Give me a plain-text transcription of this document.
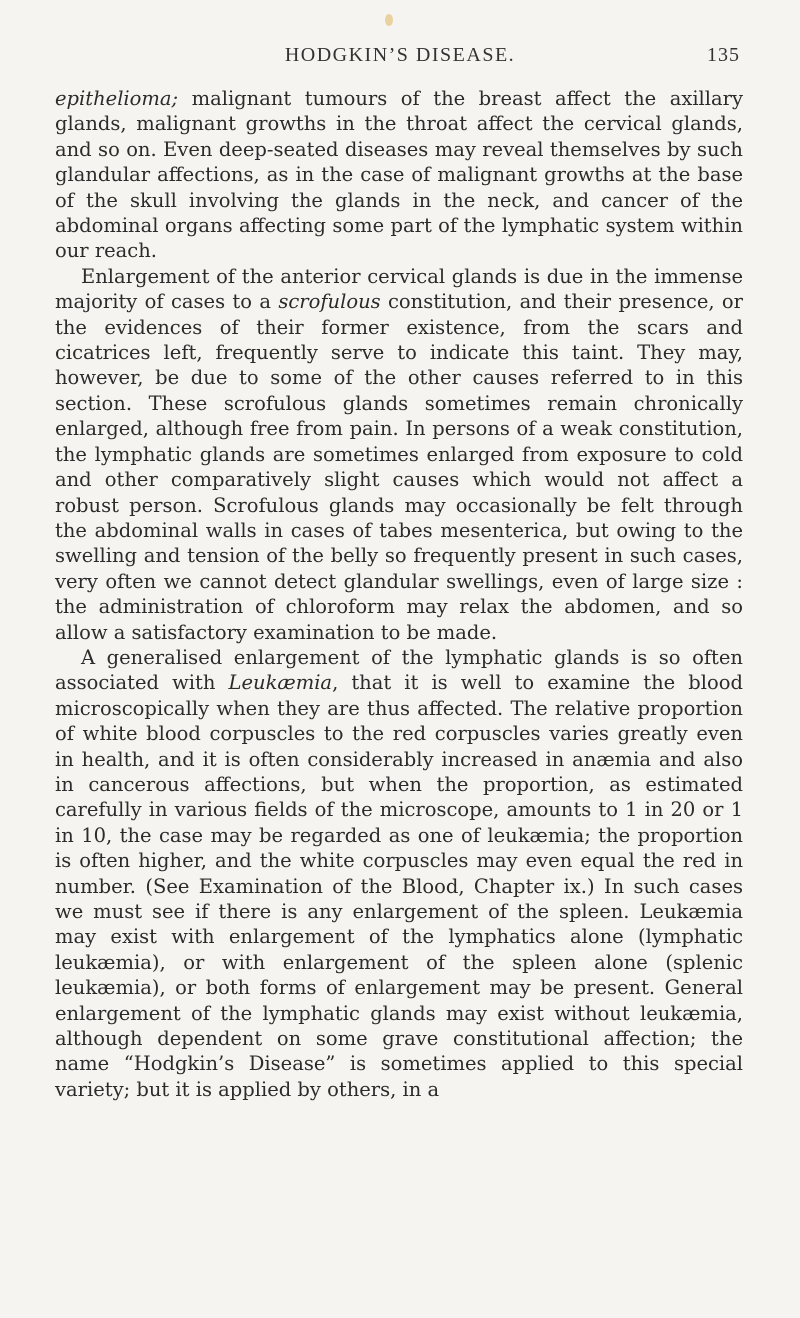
HODGKIN’S DISEASE.	135

epithelioma; malignant tumours of the breast affect the axillary glands, malignant growths in the throat affect the cervical glands, and so on. Even deep-seated diseases may reveal themselves by such glandular affections, as in the case of malignant growths at the base of the skull involving the glands in the neck, and cancer of the abdominal organs affecting some part of the lymphatic system within our reach.

Enlargement of the anterior cervical glands is due in the immense majority of cases to a scrofulous constitution, and their presence, or the evidences of their former existence, from the scars and cicatrices left, frequently serve to indicate this taint. They may, however, be due to some of the other causes referred to in this section. These scrofulous glands sometimes remain chronically enlarged, although free from pain. In persons of a weak constitution, the lymphatic glands are sometimes enlarged from exposure to cold and other comparatively slight causes which would not affect a robust person. Scrofulous glands may occasionally be felt through the abdominal walls in cases of tabes mesenterica, but owing to the swelling and tension of the belly so frequently present in such cases, very often we cannot detect glandular swellings, even of large size : the administration of chloroform may relax the abdomen, and so allow a satisfactory examination to be made.

A generalised enlargement of the lymphatic glands is so often associated with Leukæmia, that it is well to examine the blood microscopically when they are thus affected. The relative proportion of white blood corpuscles to the red corpuscles varies greatly even in health, and it is often considerably increased in anæmia and also in cancerous affections, but when the proportion, as estimated carefully in various fields of the microscope, amounts to 1 in 20 or 1 in 10, the case may be regarded as one of leukæmia; the proportion is often higher, and the white corpuscles may even equal the red in number. (See Examination of the Blood, Chapter ix.) In such cases we must see if there is any enlargement of the spleen. Leukæmia may exist with enlargement of the lymphatics alone (lymphatic leukæmia), or with enlargement of the spleen alone (splenic leukæmia), or both forms of enlargement may be present. General enlargement of the lymphatic glands may exist without leukæmia, although dependent on some grave constitutional affection; the name “Hodgkin’s Disease” is sometimes applied to this special variety; but it is applied by others, in a
